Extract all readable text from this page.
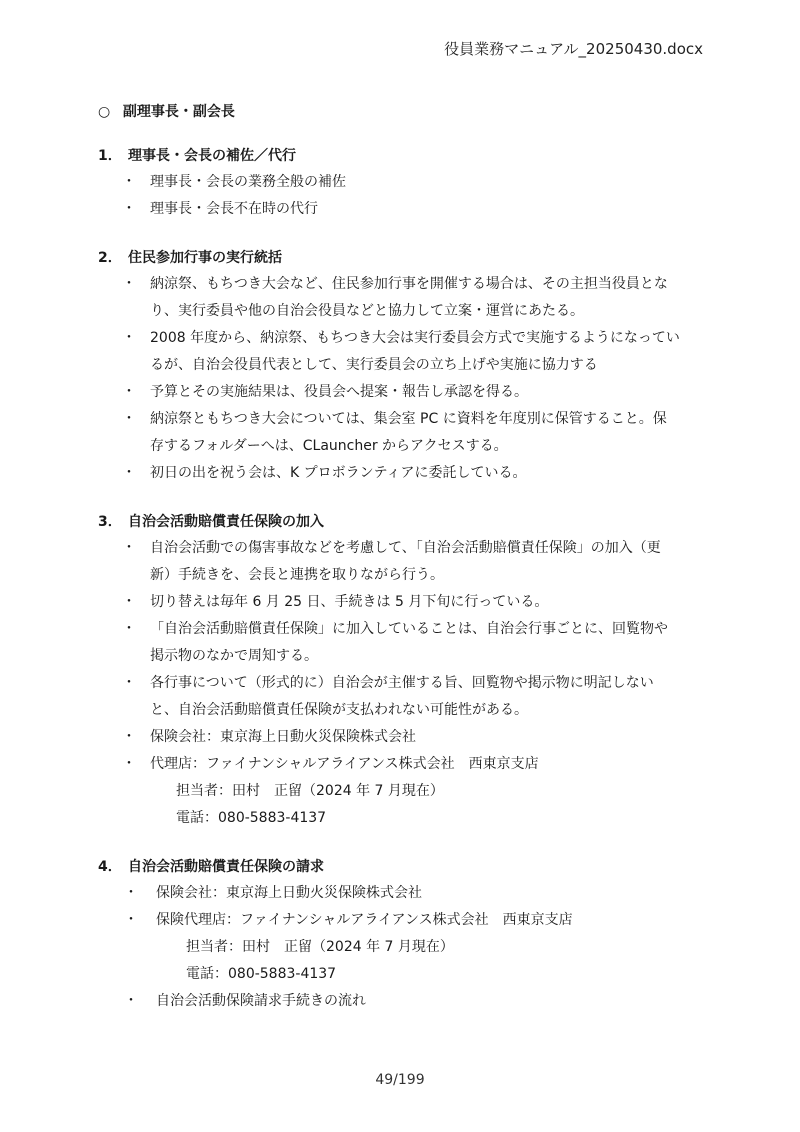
役員業務マニュアル_20250430.docx
○ 副理事長・副会長
1． 理事長・会長の補佐／代行
・ 理事長・会長の業務全般の補佐
・ 理事長・会長不在時の代行
2． 住民参加行事の実行統括
・ 納涼祭、もちつき大会など、住民参加行事を開催する場合は、その主担当役員とな
り、実行委員や他の自治会役員などと協力して立案・運営にあたる。
・ 2008 年度から、納涼祭、もちつき大会は実行委員会方式で実施するようになってい
るが、自治会役員代表として、実行委員会の立ち上げや実施に協力する
・ 予算とその実施結果は、役員会へ提案・報告し承認を得る。
・ 納涼祭ともちつき大会については、集会室 PC に資料を年度別に保管すること。保
存するフォルダーへは、CLauncher からアクセスする。
・ 初日の出を祝う会は、K プロボランティアに委託している。
3． 自治会活動賠償責任保険の加入
・ 自治会活動での傷害事故などを考慮して、「自治会活動賠償責任保険」の加入（更
新）手続きを、会長と連携を取りながら行う。
・ 切り替えは毎年 6 月 25 日、手続きは 5 月下旬に行っている。
・ 「自治会活動賠償責任保険」に加入していることは、自治会行事ごとに、回覧物や
掲示物のなかで周知する。
・ 各行事について（形式的に）自治会が主催する旨、回覧物や掲示物に明記しない
と、自治会活動賠償責任保険が支払われない可能性がある。
・ 保険会社：東京海上日動火災保険株式会社
・ 代理店：ファイナンシャルアライアンス株式会社　西東京支店
担当者：田村　正留（2024 年 7 月現在）
電話：080-5883-4137
4． 自治会活動賠償責任保険の請求
・ 保険会社：東京海上日動火災保険株式会社
・ 保険代理店：ファイナンシャルアライアンス株式会社　西東京支店
担当者：田村　正留（2024 年 7 月現在）
電話：080-5883-4137
・ 自治会活動保険請求手続きの流れ
49/199
